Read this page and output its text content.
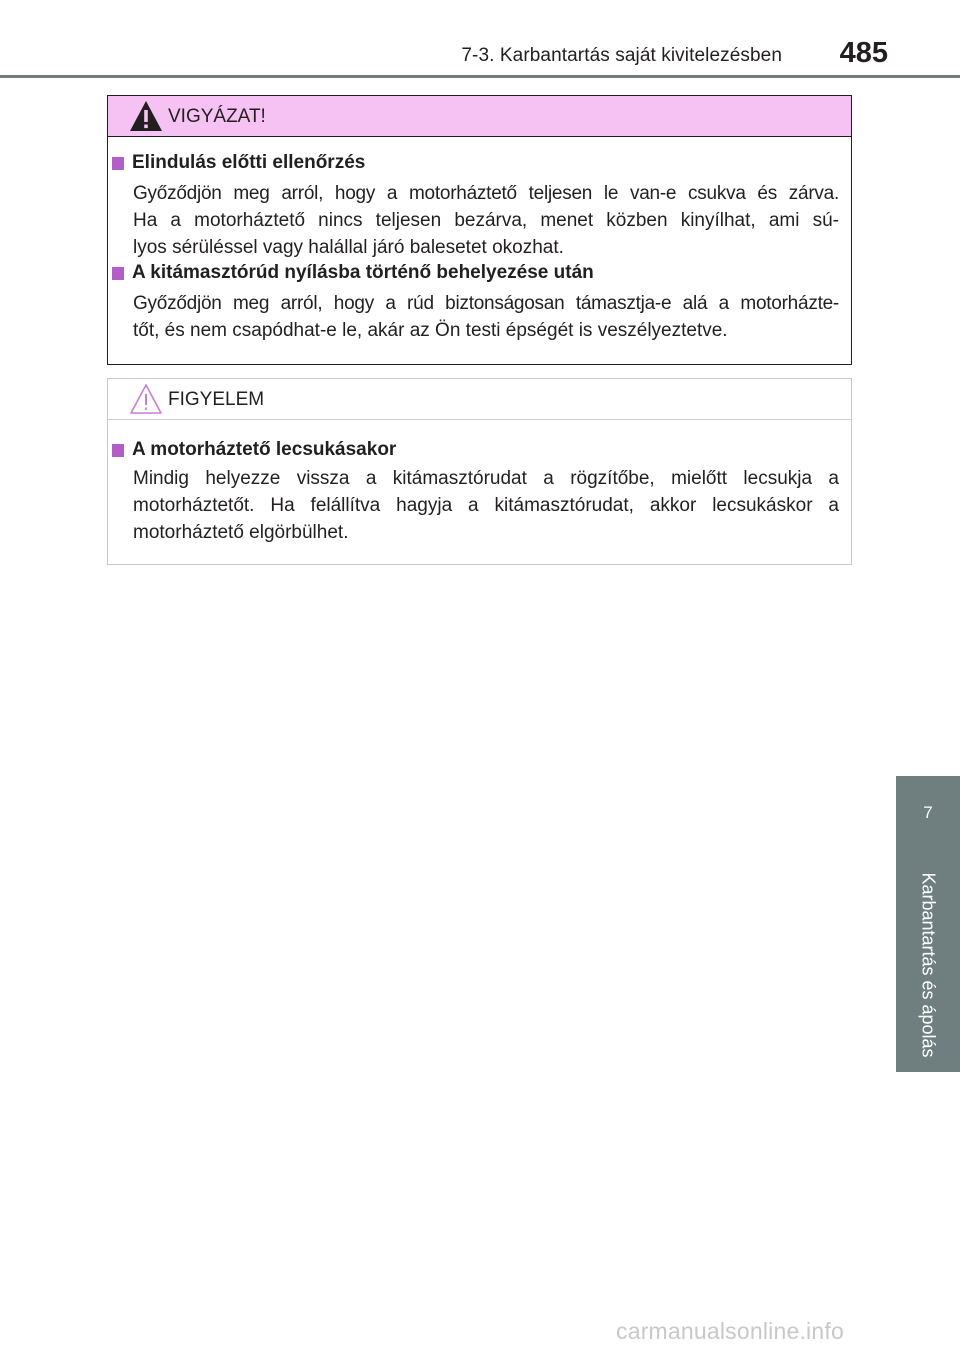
7-3. Karbantartás saját kivitelezésben 485
VIGYÁZAT!
Elindulás előtti ellenőrzés
Győződjön meg arról, hogy a motorháztető teljesen le van-e csukva és zárva.
Ha a motorháztető nincs teljesen bezárva, menet közben kinyílhat, ami sú-
lyos sérüléssel vagy halállal járó balesetet okozhat.
A kitámasztórúd nyílásba történő behelyezése után
Győződjön meg arról, hogy a rúd biztonságosan támasztja-e alá a motorházte-
tőt, és nem csapódhat-e le, akár az Ön testi épségét is veszélyeztetve.
FIGYELEM
A motorháztető lecsukásakor
Mindig helyezze vissza a kitámasztórudat a rögzítőbe, mielőtt lecsukja a
motorháztetőt. Ha felállítva hagyja a kitámasztórudat, akkor lecsukáskor a
motorháztető elgörbülhet.
7
Karbantartás és ápolás
carmanualsonline.info
